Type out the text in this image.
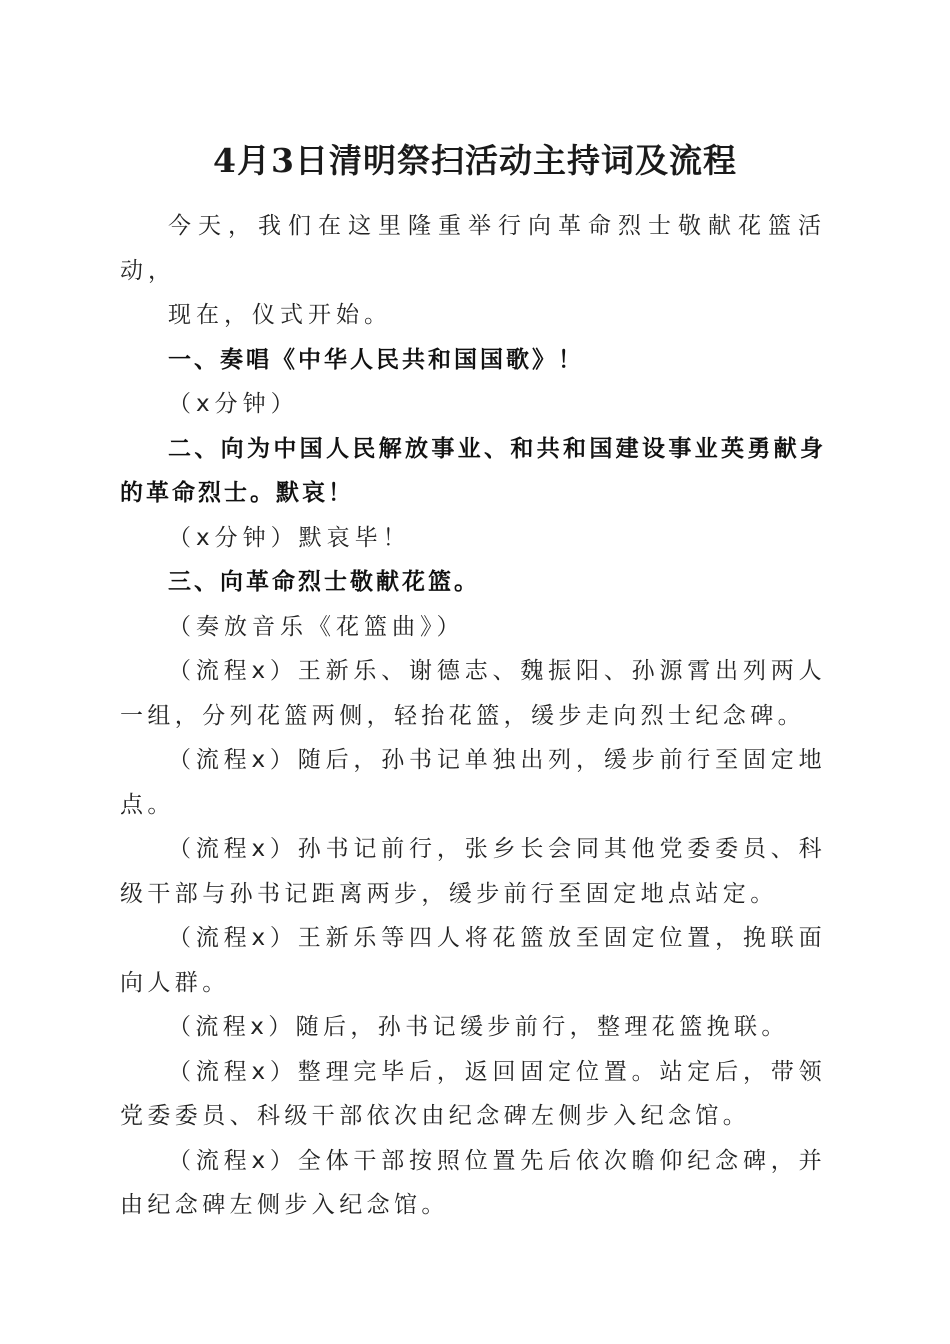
4月3日清明祭扫活动主持词及流程

今天，我们在这里隆重举行向革命烈士敬献花篮活动，

现在，仪式开始。

一、奏唱《中华人民共和国国歌》！

（x分钟）

二、向为中国人民解放事业、和共和国建设事业英勇献身的革命烈士。默哀！

（x分钟）默哀毕！

三、向革命烈士敬献花篮。

（奏放音乐《花篮曲》）

（流程x）王新乐、谢德志、魏振阳、孙源霄出列两人一组，分列花篮两侧，轻抬花篮，缓步走向烈士纪念碑。

（流程x）随后，孙书记单独出列，缓步前行至固定地点。

（流程x）孙书记前行，张乡长会同其他党委委员、科级干部与孙书记距离两步，缓步前行至固定地点站定。

（流程x）王新乐等四人将花篮放至固定位置，挽联面向人群。

（流程x）随后，孙书记缓步前行，整理花篮挽联。

（流程x）整理完毕后，返回固定位置。站定后，带领党委委员、科级干部依次由纪念碑左侧步入纪念馆。

（流程x）全体干部按照位置先后依次瞻仰纪念碑，并由纪念碑左侧步入纪念馆。
